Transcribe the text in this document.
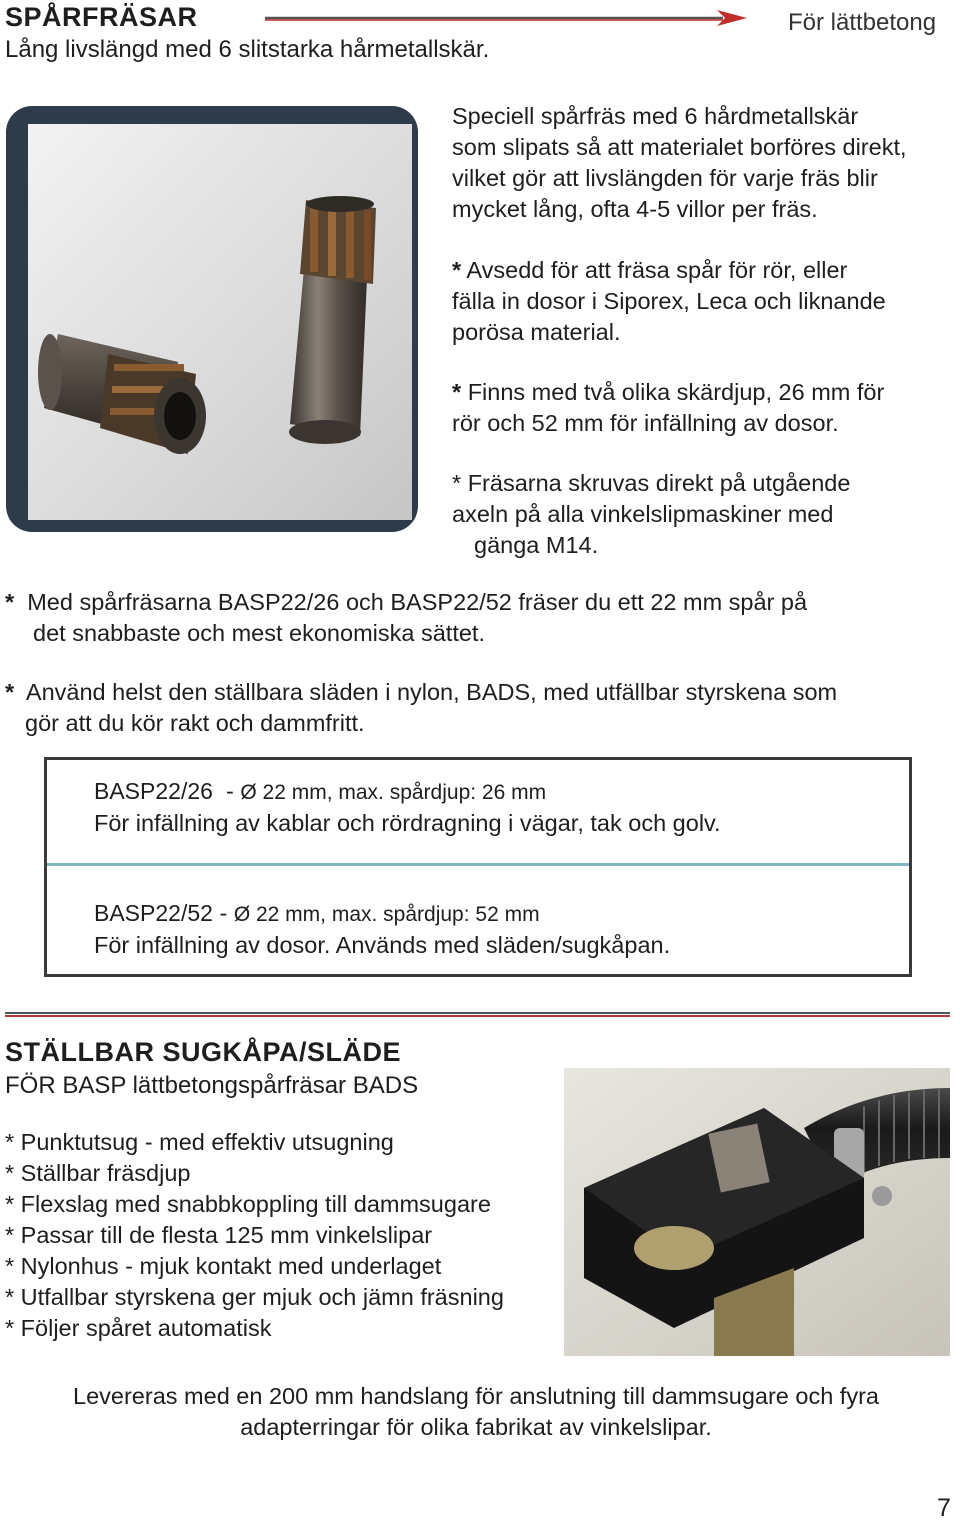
SPÅRFRÄSAR
Lång livslängd med 6 slitstarka hårmetallskär.
För lättbetong
Speciell spårfräs med 6 hårdmetallskär
som slipats så att materialet borföres direkt,
vilket gör att livslängden för varje fräs blir
mycket lång, ofta 4-5 villor per fräs.
* Avsedd för att fräsa spår för rör, eller
fälla in dosor i Siporex, Leca och liknande
porösa material.
* Finns med två olika skärdjup, 26 mm för
rör och 52 mm för infällning av dosor.
* Fräsarna skruvas direkt på utgående
axeln på alla vinkelslipmaskiner med
gänga M14.
* Med spårfräsarna BASP22/26 och BASP22/52 fräser du ett 22 mm spår på
det snabbaste och mest ekonomiska sättet.
* Använd helst den ställbara släden i nylon, BADS, med utfällbar styrskena som
gör att du kör rakt och dammfritt.
BASP22/26 - Ø 22 mm, max. spårdjup: 26 mm
För infällning av kablar och rördragning i vägar, tak och golv.
BASP22/52 - Ø 22 mm, max. spårdjup: 52 mm
För infällning av dosor. Används med släden/sugkåpan.
STÄLLBAR SUGKÅPA/SLÄDE
FÖR BASP lättbetongspårfräsar BADS
* Punktutsug - med effektiv utsugning
* Ställbar fräsdjup
* Flexslag med snabbkoppling till dammsugare
* Passar till de flesta 125 mm vinkelslipar
* Nylonhus - mjuk kontakt med underlaget
* Utfallbar styrskena ger mjuk och jämn fräsning
* Följer spåret automatisk
Levereras med en 200 mm handslang för anslutning till dammsugare och fyra
adapterringar för olika fabrikat av vinkelslipar.
7
